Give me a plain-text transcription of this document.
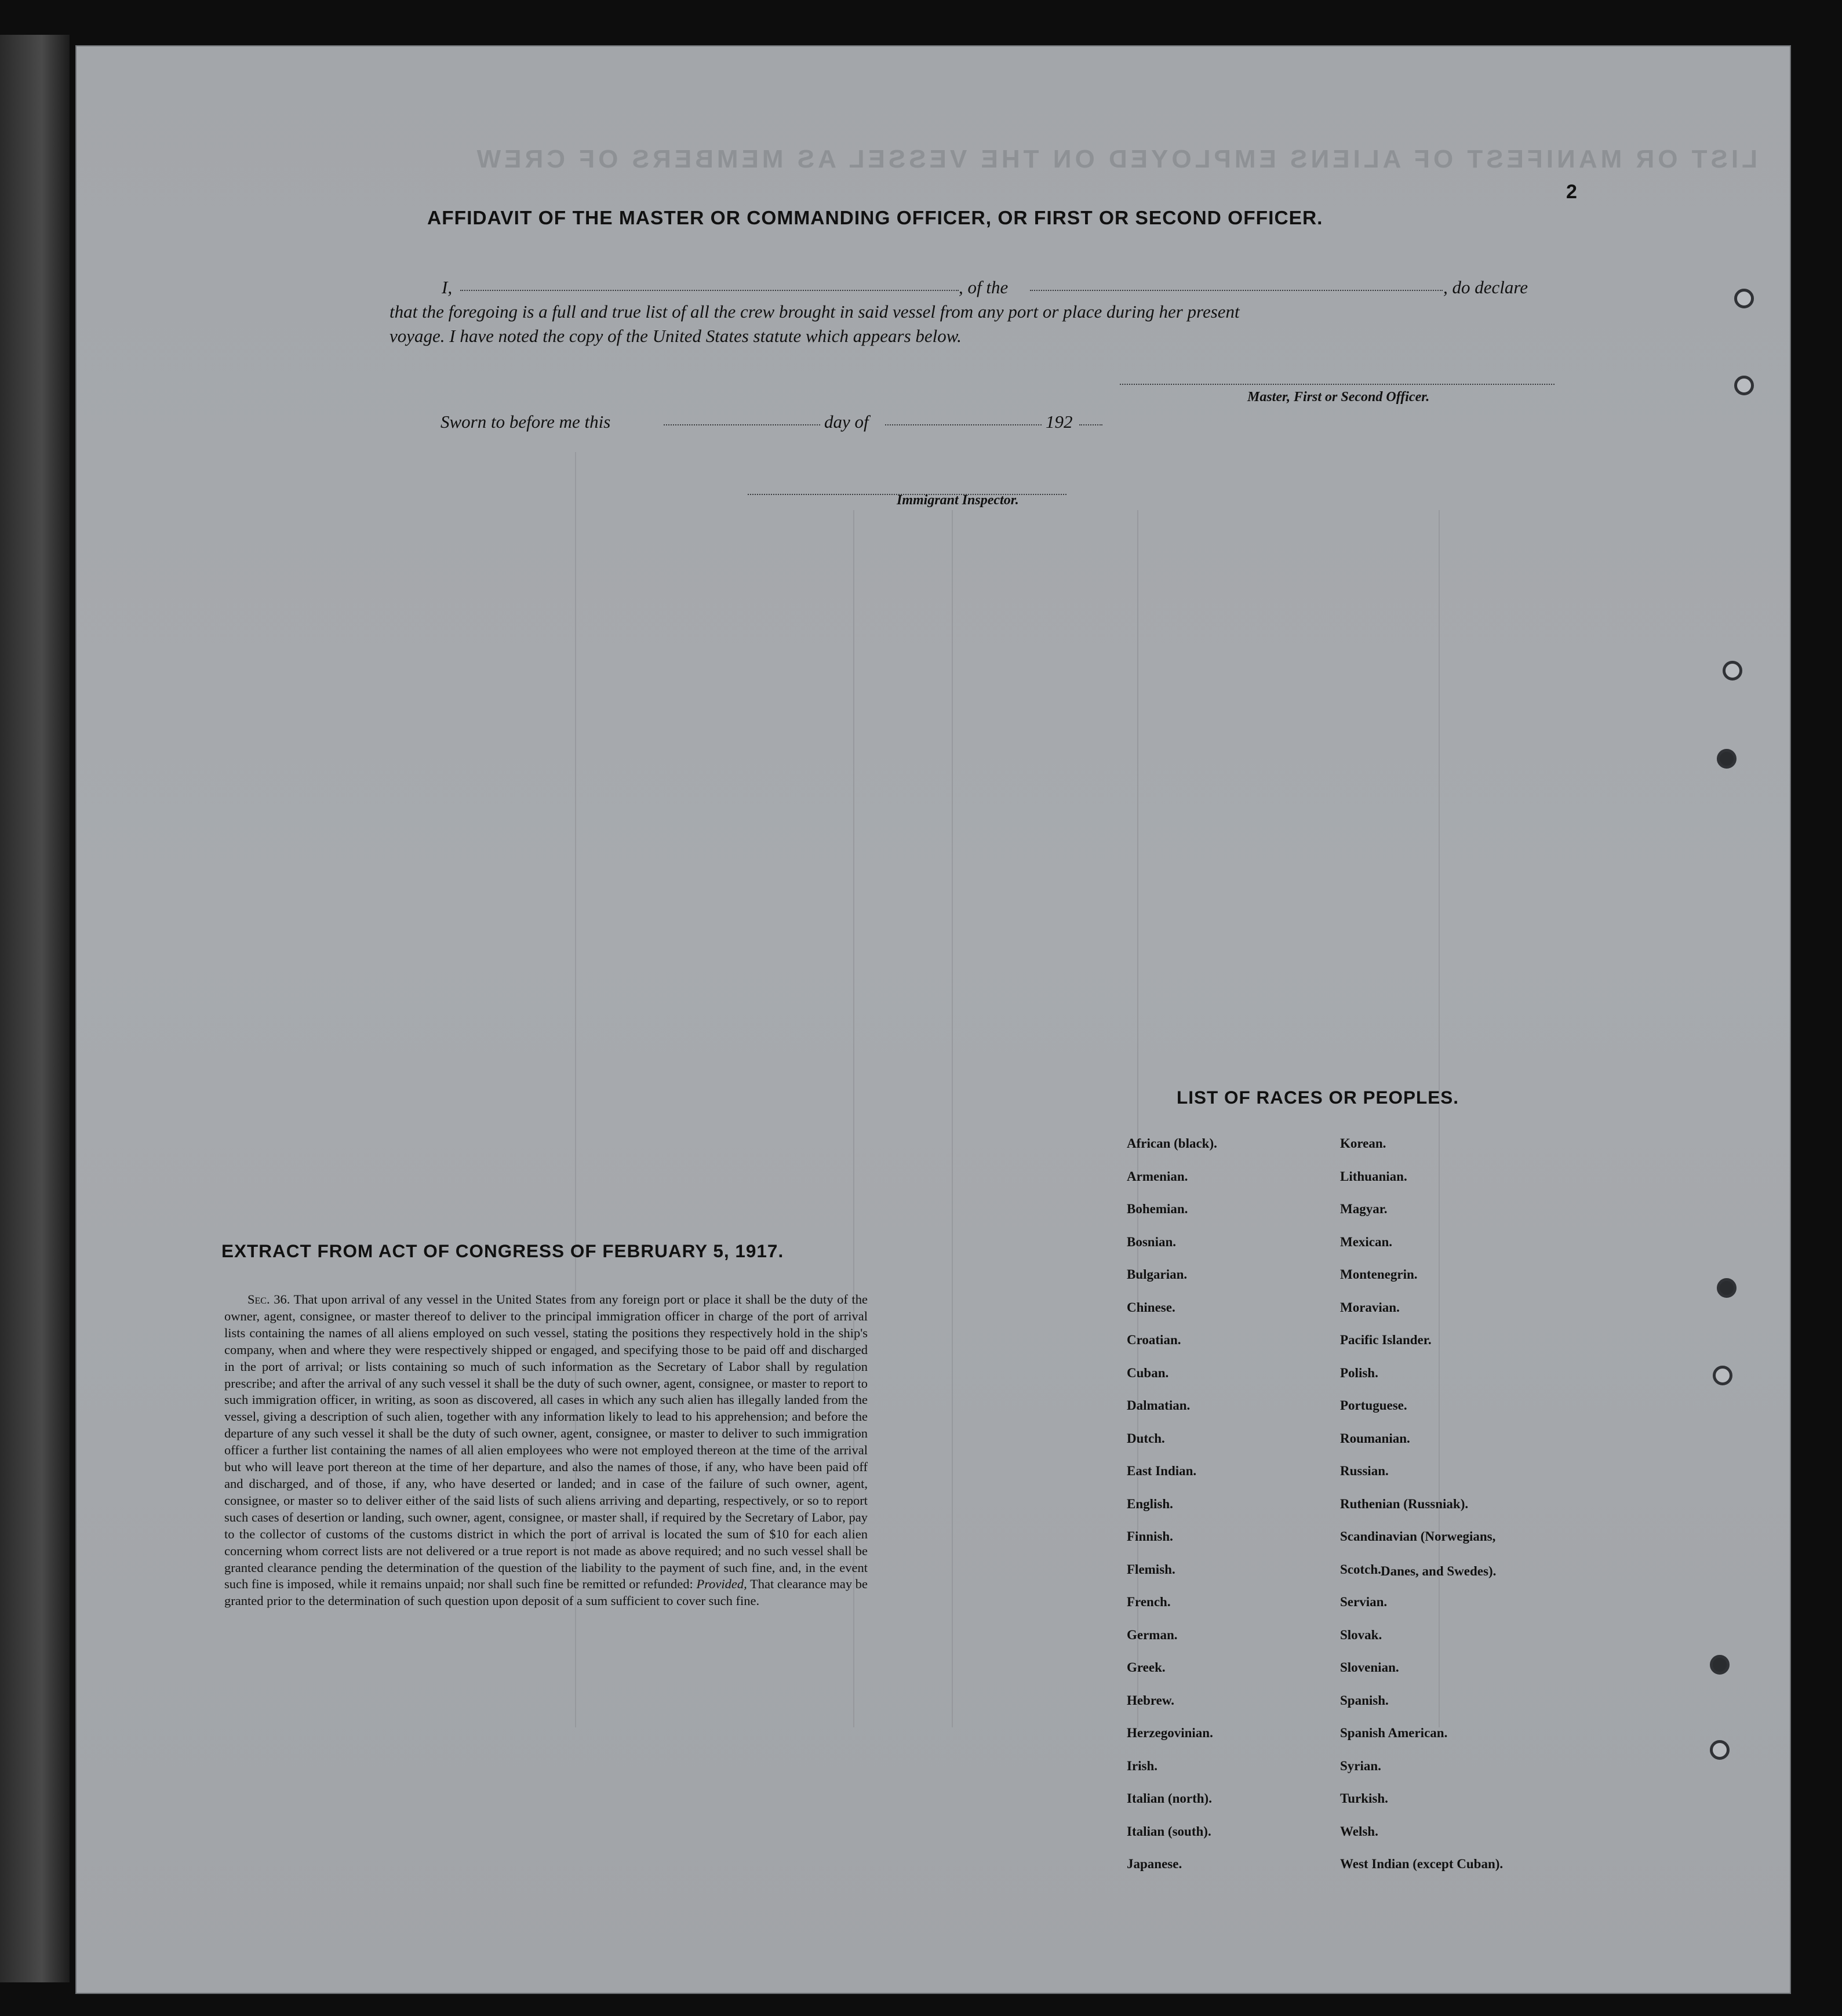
LIST OR MANIFEST OF ALIENS EMPLOYED ON THE VESSEL AS MEMBERS OF CREW
2
AFFIDAVIT OF THE MASTER OR COMMANDING OFFICER, OR FIRST OR SECOND OFFICER.
I,	, of the	, do declare
that the foregoing is a full and true list of all the crew brought in said vessel from any port or place during her present
voyage. I have noted the copy of the United States statute which appears below.
Master, First or Second Officer.
Sworn to before me this	day of	192
Immigrant Inspector.
EXTRACT FROM ACT OF CONGRESS OF FEBRUARY 5, 1917.
Sec. 36. That upon arrival of any vessel in the United States from any foreign port or place it shall be the duty of the owner, agent, consignee, or master thereof to deliver to the principal immigration officer in charge of the port of arrival lists containing the names of all aliens employed on such vessel, stating the positions they respectively hold in the ship's company, when and where they were respectively shipped or engaged, and specifying those to be paid off and discharged in the port of arrival; or lists containing so much of such information as the Secretary of Labor shall by regulation prescribe; and after the arrival of any such vessel it shall be the duty of such owner, agent, consignee, or master to report to such immigration officer, in writing, as soon as discovered, all cases in which any such alien has illegally landed from the vessel, giving a description of such alien, together with any information likely to lead to his apprehension; and before the departure of any such vessel it shall be the duty of such owner, agent, consignee, or master to deliver to such immigration officer a further list containing the names of all alien employees who were not employed thereon at the time of the arrival but who will leave port thereon at the time of her departure, and also the names of those, if any, who have been paid off and discharged, and of those, if any, who have deserted or landed; and in case of the failure of such owner, agent, consignee, or master so to deliver either of the said lists of such aliens arriving and departing, respectively, or so to report such cases of desertion or landing, such owner, agent, consignee, or master shall, if required by the Secretary of Labor, pay to the collector of customs of the customs district in which the port of arrival is located the sum of $10 for each alien concerning whom correct lists are not delivered or a true report is not made as above required; and no such vessel shall be granted clearance pending the determination of the question of the liability to the payment of such fine, and, in the event such fine is imposed, while it remains unpaid; nor shall such fine be remitted or refunded: Provided, That clearance may be granted prior to the determination of such question upon deposit of a sum sufficient to cover such fine.
LIST OF RACES OR PEOPLES.
African (black).
Armenian.
Bohemian.
Bosnian.
Bulgarian.
Chinese.
Croatian.
Cuban.
Dalmatian.
Dutch.
East Indian.
English.
Finnish.
Flemish.
French.
German.
Greek.
Hebrew.
Herzegovinian.
Irish.
Italian (north).
Italian (south).
Japanese.
Korean.
Lithuanian.
Magyar.
Mexican.
Montenegrin.
Moravian.
Pacific Islander.
Polish.
Portuguese.
Roumanian.
Russian.
Ruthenian (Russniak).
Scandinavian (Norwegians,
Scotch.
Servian.
Slovak.
Slovenian.
Spanish.
Spanish American.
Syrian.
Turkish.
Welsh.
West Indian (except Cuban).
Danes, and Swedes).
